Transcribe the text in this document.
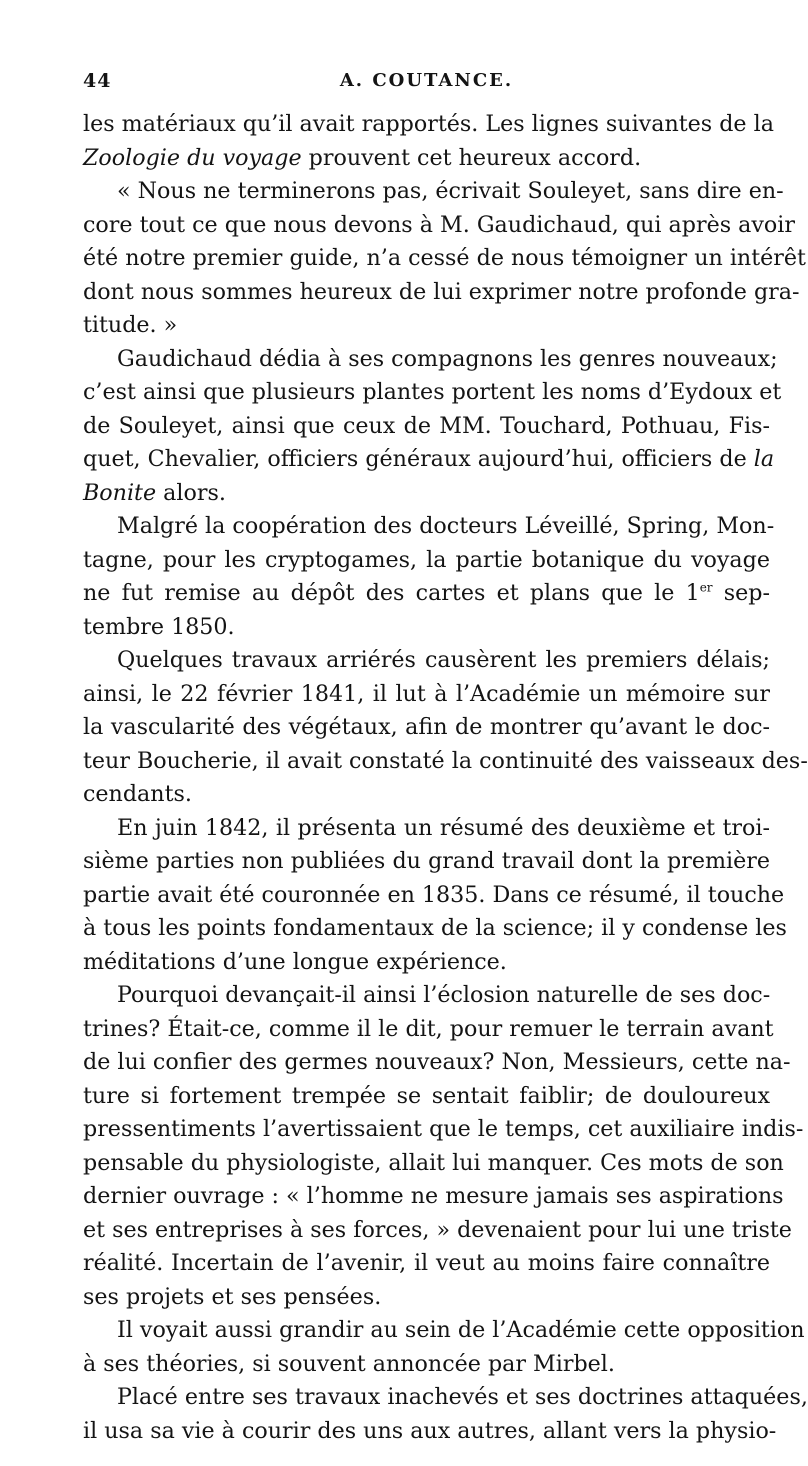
44	A. COUTANCE.
les matériaux qu’il avait rapportés. Les lignes suivantes de la
Zoologie du voyage prouvent cet heureux accord.
« Nous ne terminerons pas, écrivait Souleyet, sans dire en-
core tout ce que nous devons à M. Gaudichaud, qui après avoir
été notre premier guide, n’a cessé de nous témoigner un intérêt
dont nous sommes heureux de lui exprimer notre profonde gra-
titude. »
Gaudichaud dédia à ses compagnons les genres nouveaux;
c’est ainsi que plusieurs plantes portent les noms d’Eydoux et
de Souleyet, ainsi que ceux de MM. Touchard, Pothuau, Fis-
quet, Chevalier, officiers généraux aujourd’hui, officiers de la
Bonite alors.
Malgré la coopération des docteurs Léveillé, Spring, Mon-
tagne, pour les cryptogames, la partie botanique du voyage
ne fut remise au dépôt des cartes et plans que le 1er sep-
tembre 1850.
Quelques travaux arriérés causèrent les premiers délais;
ainsi, le 22 février 1841, il lut à l’Académie un mémoire sur
la vascularité des végétaux, afin de montrer qu’avant le doc-
teur Boucherie, il avait constaté la continuité des vaisseaux des-
cendants.
En juin 1842, il présenta un résumé des deuxième et troi-
sième parties non publiées du grand travail dont la première
partie avait été couronnée en 1835. Dans ce résumé, il touche
à tous les points fondamentaux de la science; il y condense les
méditations d’une longue expérience.
Pourquoi devançait-il ainsi l’éclosion naturelle de ses doc-
trines? Était-ce, comme il le dit, pour remuer le terrain avant
de lui confier des germes nouveaux? Non, Messieurs, cette na-
ture si fortement trempée se sentait faiblir; de douloureux
pressentiments l’avertissaient que le temps, cet auxiliaire indis-
pensable du physiologiste, allait lui manquer. Ces mots de son
dernier ouvrage : « l’homme ne mesure jamais ses aspirations
et ses entreprises à ses forces, » devenaient pour lui une triste
réalité. Incertain de l’avenir, il veut au moins faire connaître
ses projets et ses pensées.
Il voyait aussi grandir au sein de l’Académie cette opposition
à ses théories, si souvent annoncée par Mirbel.
Placé entre ses travaux inachevés et ses doctrines attaquées,
il usa sa vie à courir des uns aux autres, allant vers la physio-
